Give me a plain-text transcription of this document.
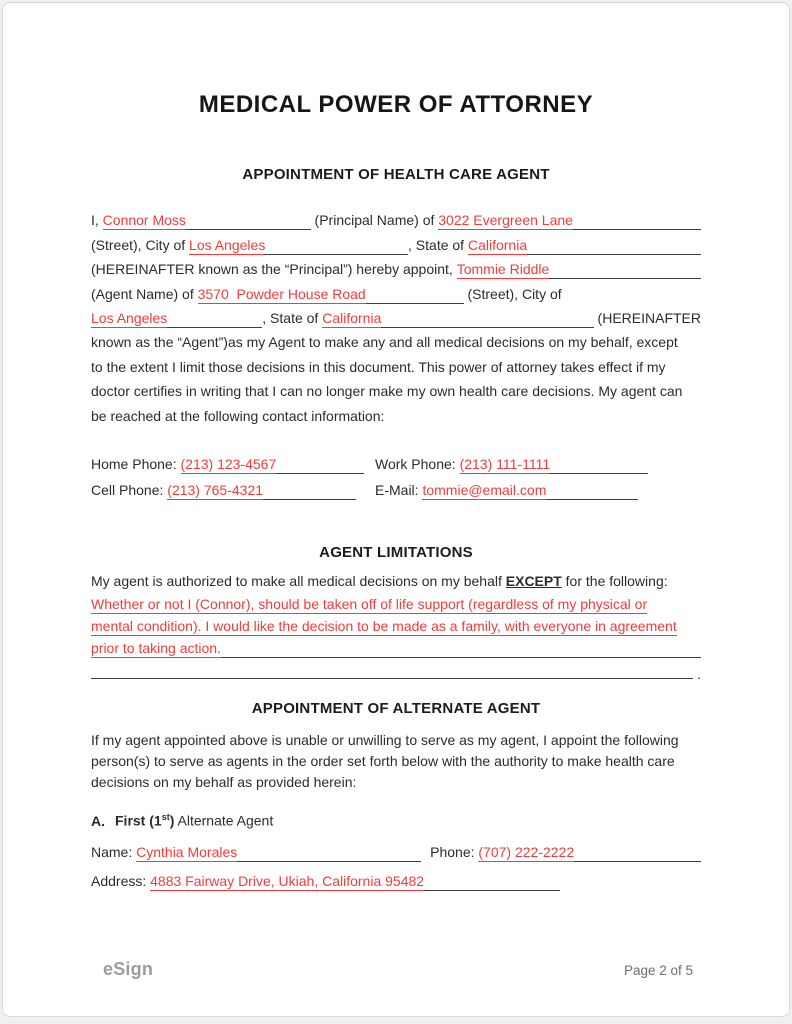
MEDICAL POWER OF ATTORNEY
APPOINTMENT OF HEALTH CARE AGENT
I, Connor Moss	(Principal Name) of 3022 Evergreen Lane
(Street), City of Los Angeles	, State of California
(HEREINAFTER known as the “Principal”) hereby appoint, Tommie Riddle
(Agent Name) of 3570  Powder House Road	(Street), City of
Los Angeles	, State of California	(HEREINAFTER
known as the “Agent”)as my Agent to make any and all medical decisions on my behalf, except
to the extent I limit those decisions in this document. This power of attorney takes effect if my
doctor certifies in writing that I can no longer make my own health care decisions. My agent can
be reached at the following contact information:
Home Phone: (213) 123-4567	Work Phone: (213) 111-1111
Cell Phone: (213) 765-4321	E-Mail: tommie@email.com
AGENT LIMITATIONS
My agent is authorized to make all medical decisions on my behalf EXCEPT for the following:
Whether or not I (Connor), should be taken off of life support (regardless of my physical or
mental condition). I would like the decision to be made as a family, with everyone in agreement
prior to taking action.
.
APPOINTMENT OF ALTERNATE AGENT
If my agent appointed above is unable or unwilling to serve as my agent, I appoint the following
person(s) to serve as agents in the order set forth below with the authority to make health care
decisions on my behalf as provided herein:
A. First (1st) Alternate Agent
Name: Cynthia Morales	Phone: (707) 222-2222
Address: 4883 Fairway Drive, Ukiah, California 95482
eSign	Page 2 of 5
